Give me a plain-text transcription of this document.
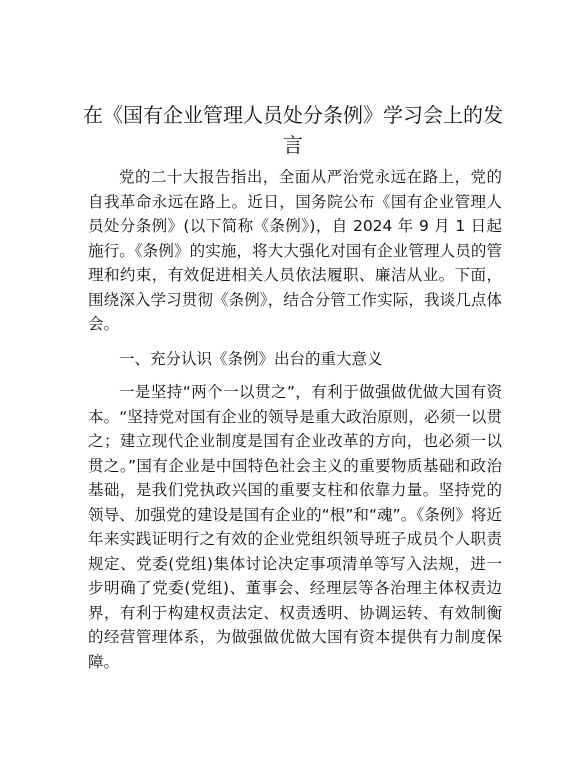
在《国有企业管理人员处分条例》学习会上的发言

党的二十大报告指出，全面从严治党永远在路上，党的自我革命永远在路上。近日，国务院公布《国有企业管理人员处分条例》(以下简称《条例》)，自 2024 年 9 月 1 日起施行。《条例》的实施，将大大强化对国有企业管理人员的管理和约束，有效促进相关人员依法履职、廉洁从业。下面，围绕深入学习贯彻《条例》，结合分管工作实际，我谈几点体会。

一、充分认识《条例》出台的重大意义

一是坚持“两个一以贯之”，有利于做强做优做大国有资本。“坚持党对国有企业的领导是重大政治原则，必须一以贯之；建立现代企业制度是国有企业改革的方向，也必须一以贯之。”国有企业是中国特色社会主义的重要物质基础和政治基础，是我们党执政兴国的重要支柱和依靠力量。坚持党的领导、加强党的建设是国有企业的“根”和“魂”。《条例》将近年来实践证明行之有效的企业党组织领导班子成员个人职责规定、党委(党组)集体讨论决定事项清单等写入法规，进一步明确了党委(党组)、董事会、经理层等各治理主体权责边界，有利于构建权责法定、权责透明、协调运转、有效制衡的经营管理体系，为做强做优做大国有资本提供有力制度保障。
